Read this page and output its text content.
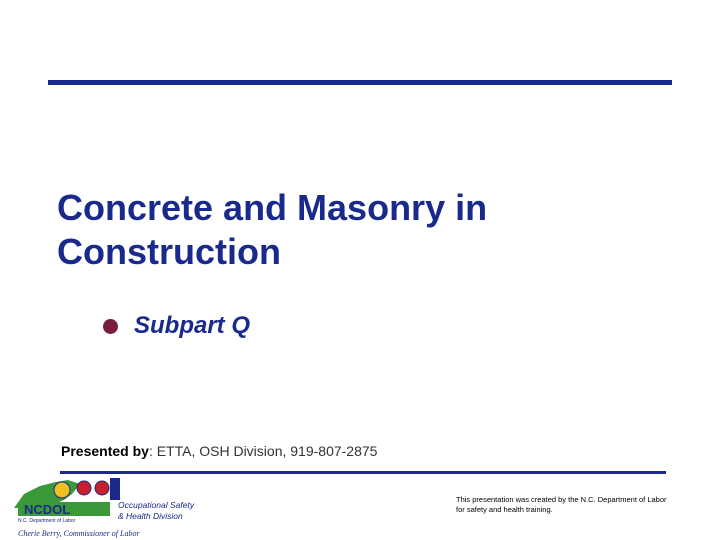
Concrete and Masonry in Construction
Subpart Q
Presented by: ETTA, OSH Division, 919-807-2875
NCDOL
N.C. Department of Labor
Occupational Safety
& Health Division
Cherie Berry, Commissioner of Labor
This presentation was created by the N.C. Department of Labor for safety and health training.
